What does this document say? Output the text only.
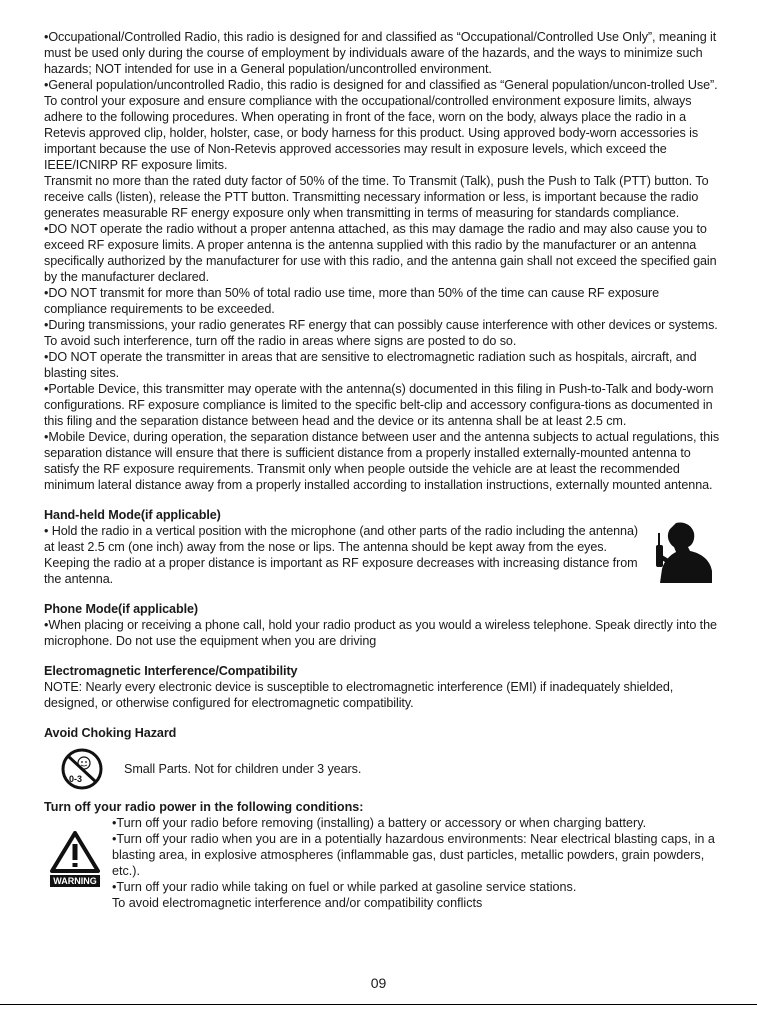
•Occupational/Controlled Radio, this radio is designed for and classified as “Occupational/Controlled Use Only”, meaning it must be used only during the course of employment by individuals aware of the hazards, and the ways to minimize such hazards; NOT intended for use in a General population/uncontrolled environment.

•General population/uncontrolled Radio, this radio is designed for and classified as “General population/uncon-trolled Use”.

To control your exposure and ensure compliance with the occupational/controlled environment exposure limits, always adhere to the following procedures. When operating in front of the face, worn on the body, always place the radio in a Retevis approved clip, holder, holster, case, or body harness for this product. Using approved body-worn accessories is important because the use of Non-Retevis approved accessories may result in exposure levels, which exceed the IEEE/ICNIRP RF exposure limits.

Transmit no more than the rated duty factor of 50% of the time. To Transmit (Talk), push the Push to Talk (PTT) button. To receive calls (listen), release the PTT button. Transmitting necessary information or less, is important because the radio generates measurable RF energy exposure only when transmitting in terms of measuring for standards compliance.

•DO NOT operate the radio without a proper antenna attached, as this may damage the radio and may also cause you to exceed RF exposure limits. A proper antenna is the antenna supplied with this radio by the manufacturer or an antenna specifically authorized by the manufacturer for use with this radio, and the antenna gain shall not exceed the specified gain by the manufacturer declared.

•DO NOT transmit for more than 50% of total radio use time, more than 50% of the time can cause RF exposure compliance requirements to be exceeded.

•During transmissions, your radio generates RF energy that can possibly cause interference with other devices or systems. To avoid such interference, turn off the radio in areas where signs are posted to do so.

•DO NOT operate the transmitter in areas that are sensitive to electromagnetic radiation such as hospitals, aircraft, and blasting sites.

•Portable Device, this transmitter may operate with the antenna(s) documented in this filing in Push-to-Talk and body-worn configurations. RF exposure compliance is limited to the specific belt-clip and accessory configura-tions as documented in this filing and the separation distance between head and the device or its antenna shall be at least 2.5 cm.

•Mobile Device, during operation, the separation distance between user and the antenna subjects to actual regulations, this separation distance will ensure that there is sufficient distance from a properly installed externally-mounted antenna to satisfy the RF exposure requirements. Transmit only when people outside the vehicle are at least the recommended minimum lateral distance away from a properly installed according to installation instructions, externally mounted antenna.

Hand-held Mode(if applicable)

• Hold the radio in a vertical position with the microphone (and other parts of the radio including the antenna) at least 2.5 cm (one inch) away from the nose or lips. The antenna should be kept away from the eyes. Keeping the radio at a proper distance is important as RF exposure decreases with increasing distance from the antenna.

Phone Mode(if applicable)

•When placing or receiving a phone call, hold your radio product as you would a wireless telephone. Speak directly into the microphone. Do not use the equipment when you are driving

Electromagnetic Interference/Compatibility

NOTE: Nearly every electronic device is susceptible to electromagnetic interference (EMI) if inadequately shielded, designed, or otherwise configured for electromagnetic compatibility.

Avoid Choking Hazard

0-3

Small Parts. Not for children under 3 years.

Turn off your radio power in the following conditions:

WARNING

•Turn off your radio before removing (installing) a battery or accessory or when charging battery.

•Turn off your radio when you are in a potentially hazardous environments: Near electrical blasting caps, in a blasting area, in explosive atmospheres (inflammable gas, dust particles, metallic powders, grain powders, etc.).

•Turn off your radio while taking on fuel or while parked at gasoline service stations.

To avoid electromagnetic interference and/or compatibility conflicts

09
